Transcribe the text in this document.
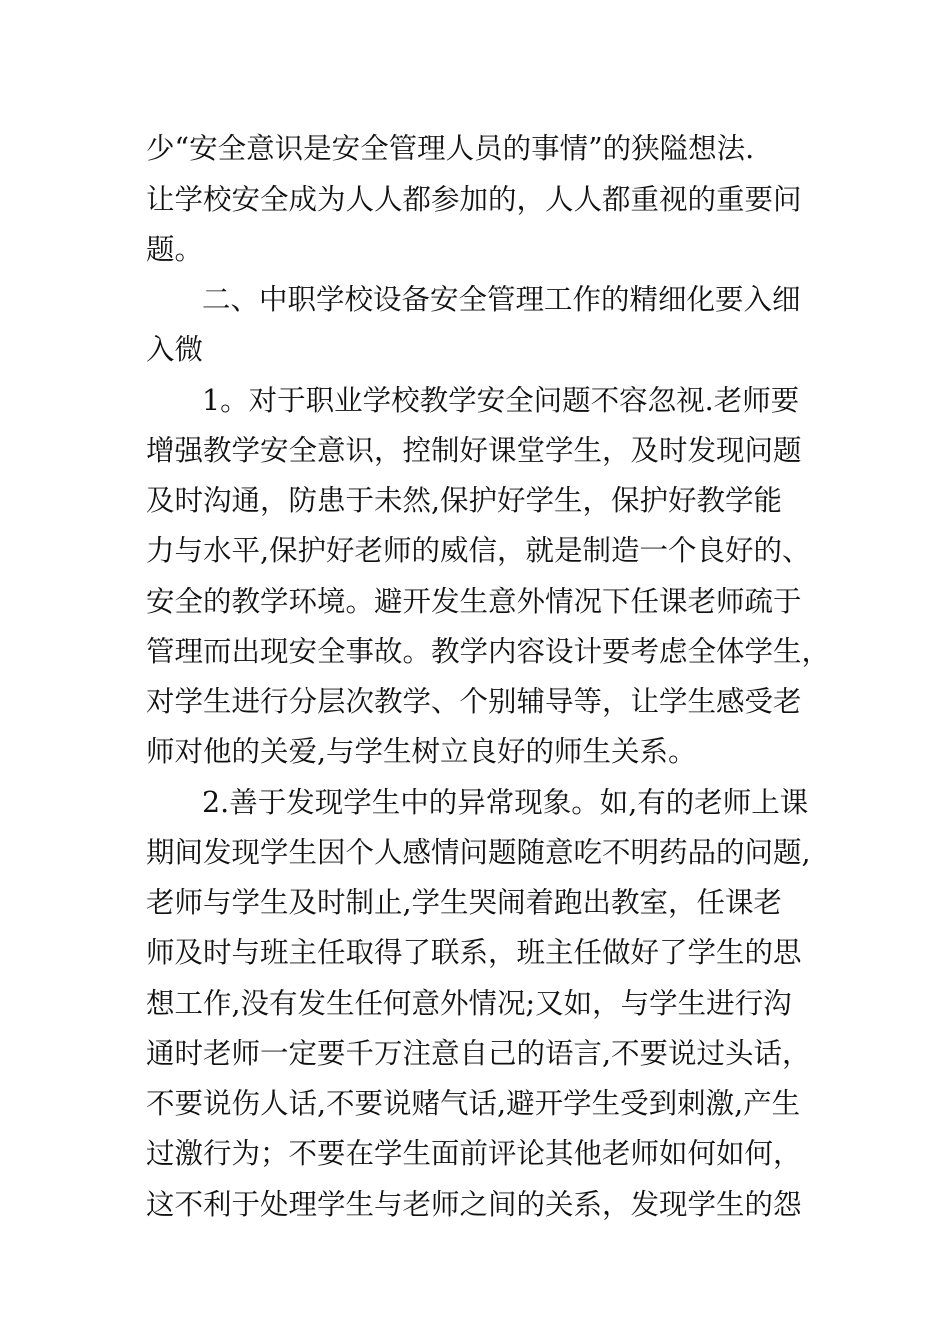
少“安全意识是安全管理人员的事情”的狭隘想法.
让学校安全成为人人都参加的，人人都重视的重要问
题。
二、中职学校设备安全管理工作的精细化要入细
入微
1。对于职业学校教学安全问题不容忽视.老师要
增强教学安全意识，控制好课堂学生，及时发现问题
及时沟通，防患于未然,保护好学生，保护好教学能
力与水平,保护好老师的威信，就是制造一个良好的、
安全的教学环境。避开发生意外情况下任课老师疏于
管理而出现安全事故。教学内容设计要考虑全体学生，
对学生进行分层次教学、个别辅导等，让学生感受老
师对他的关爱,与学生树立良好的师生关系。
2.善于发现学生中的异常现象。如,有的老师上课
期间发现学生因个人感情问题随意吃不明药品的问题,
老师与学生及时制止,学生哭闹着跑出教室，任课老
师及时与班主任取得了联系，班主任做好了学生的思
想工作,没有发生任何意外情况;又如，与学生进行沟
通时老师一定要千万注意自己的语言,不要说过头话，
不要说伤人话,不要说赌气话,避开学生受到刺激,产生
过激行为；不要在学生面前评论其他老师如何如何，
这不利于处理学生与老师之间的关系，发现学生的怨
